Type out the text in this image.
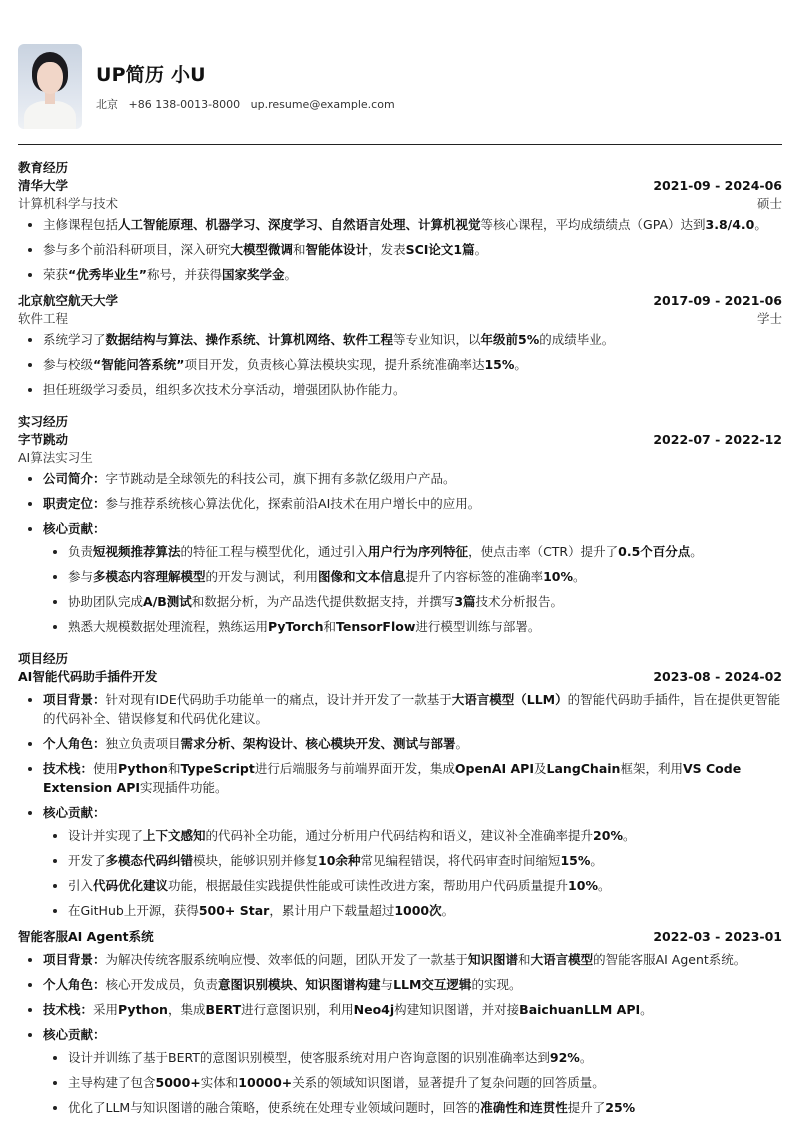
UP简历 小U
北京 +86 138-0013-8000 up.resume@example.com
教育经历
清华大学	2021-09 - 2024-06
计算机科学与技术	硕士
• 主修课程包括人工智能原理、机器学习、深度学习、自然语言处理、计算机视觉等核心课程，平均成绩绩点（GPA）达到3.8/4.0。
• 参与多个前沿科研项目，深入研究大模型微调和智能体设计，发表SCI论文1篇。
• 荣获“优秀毕业生”称号，并获得国家奖学金。
北京航空航天大学	2017-09 - 2021-06
软件工程	学士
• 系统学习了数据结构与算法、操作系统、计算机网络、软件工程等专业知识，以年级前5%的成绩毕业。
• 参与校级“智能问答系统”项目开发，负责核心算法模块实现，提升系统准确率达15%。
• 担任班级学习委员，组织多次技术分享活动，增强团队协作能力。
实习经历
字节跳动	2022-07 - 2022-12
AI算法实习生
• 公司简介：字节跳动是全球领先的科技公司，旗下拥有多款亿级用户产品。
• 职责定位：参与推荐系统核心算法优化，探索前沿AI技术在用户增长中的应用。
• 核心贡献：
• 负责短视频推荐算法的特征工程与模型优化，通过引入用户行为序列特征，使点击率（CTR）提升了0.5个百分点。
• 参与多模态内容理解模型的开发与测试，利用图像和文本信息提升了内容标签的准确率10%。
• 协助团队完成A/B测试和数据分析，为产品迭代提供数据支持，并撰写3篇技术分析报告。
• 熟悉大规模数据处理流程，熟练运用PyTorch和TensorFlow进行模型训练与部署。
项目经历
AI智能代码助手插件开发	2023-08 - 2024-02
• 项目背景：针对现有IDE代码助手功能单一的痛点，设计并开发了一款基于大语言模型（LLM）的智能代码助手插件，旨在提供更智能的代码补全、错误修复和代码优化建议。
• 个人角色：独立负责项目需求分析、架构设计、核心模块开发、测试与部署。
• 技术栈：使用Python和TypeScript进行后端服务与前端界面开发，集成OpenAI API及LangChain框架，利用VS Code Extension API实现插件功能。
• 核心贡献：
• 设计并实现了上下文感知的代码补全功能，通过分析用户代码结构和语义，建议补全准确率提升20%。
• 开发了多模态代码纠错模块，能够识别并修复10余种常见编程错误，将代码审查时间缩短15%。
• 引入代码优化建议功能，根据最佳实践提供性能或可读性改进方案，帮助用户代码质量提升10%。
• 在GitHub上开源，获得500+ Star，累计用户下载量超过1000次。
智能客服AI Agent系统	2022-03 - 2023-01
• 项目背景：为解决传统客服系统响应慢、效率低的问题，团队开发了一款基于知识图谱和大语言模型的智能客服AI Agent系统。
• 个人角色：核心开发成员，负责意图识别模块、知识图谱构建与LLM交互逻辑的实现。
• 技术栈：采用Python，集成BERT进行意图识别，利用Neo4j构建知识图谱，并对接BaichuanLLM API。
• 核心贡献：
• 设计并训练了基于BERT的意图识别模型，使客服系统对用户咨询意图的识别准确率达到92%。
• 主导构建了包含5000+实体和10000+关系的领域知识图谱，显著提升了复杂问题的回答质量。
• 优化了LLM与知识图谱的融合策略，使系统在处理专业领域问题时，回答的准确性和连贯性提升了25%
